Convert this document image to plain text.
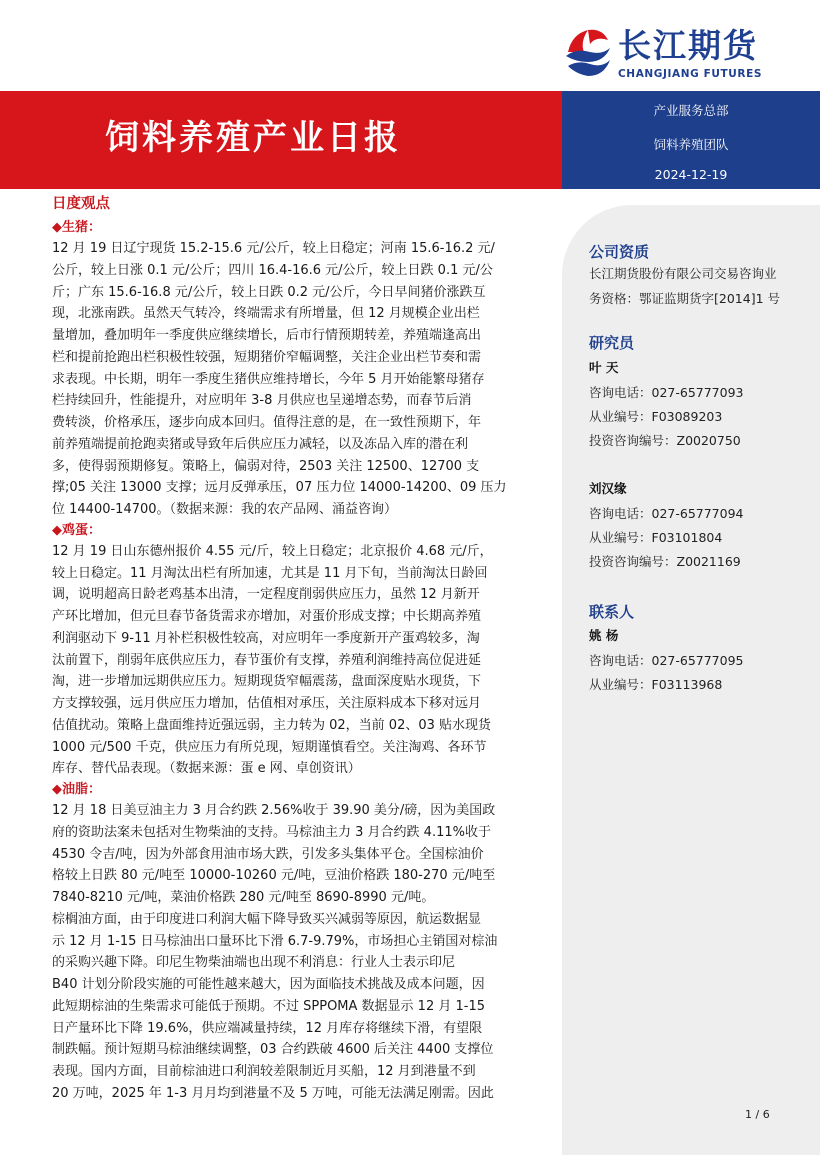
长江期货
CHANGJIANG FUTURES
饲料养殖产业日报
产业服务总部
饲料养殖团队
2024-12-19
公司资质
长江期货股份有限公司交易咨询业
务资格：鄂证监期货字[2014]1 号
研究员
叶 天
咨询电话：027-65777093
从业编号：F03089203
投资咨询编号：Z0020750
刘汉缘
咨询电话：027-65777094
从业编号：F03101804
投资咨询编号：Z0021169
联系人
姚 杨
咨询电话：027-65777095
从业编号：F03113968
日度观点
◆生猪：
12 月 19 日辽宁现货 15.2-15.6 元/公斤，较上日稳定；河南 15.6-16.2 元/
公斤，较上日涨 0.1 元/公斤；四川 16.4-16.6 元/公斤，较上日跌 0.1 元/公
斤；广东 15.6-16.8 元/公斤，较上日跌 0.2 元/公斤，今日早间猪价涨跌互
现，北涨南跌。虽然天气转冷，终端需求有所增量，但 12 月规模企业出栏
量增加，叠加明年一季度供应继续增长，后市行情预期转差，养殖端逢高出
栏和提前抢跑出栏积极性较强，短期猪价窄幅调整，关注企业出栏节奏和需
求表现。中长期，明年一季度生猪供应维持增长，今年 5 月开始能繁母猪存
栏持续回升，性能提升，对应明年 3-8 月供应也呈递增态势，而春节后消
费转淡，价格承压，逐步向成本回归。值得注意的是，在一致性预期下，年
前养殖端提前抢跑卖猪或导致年后供应压力减轻，以及冻品入库的潜在利
多，使得弱预期修复。策略上，偏弱对待，2503 关注 12500、12700 支
撑;05 关注 13000 支撑；远月反弹承压，07 压力位 14000-14200、09 压力
位 14400-14700。（数据来源：我的农产品网、涌益咨询）
◆鸡蛋：
12 月 19 日山东德州报价 4.55 元/斤，较上日稳定；北京报价 4.68 元/斤，
较上日稳定。11 月淘汰出栏有所加速，尤其是 11 月下旬，当前淘汰日龄回
调，说明超高日龄老鸡基本出清，一定程度削弱供应压力，虽然 12 月新开
产环比增加，但元旦春节备货需求亦增加，对蛋价形成支撑；中长期高养殖
利润驱动下 9-11 月补栏积极性较高，对应明年一季度新开产蛋鸡较多，淘
汰前置下，削弱年底供应压力，春节蛋价有支撑，养殖利润维持高位促进延
淘，进一步增加远期供应压力。短期现货窄幅震荡，盘面深度贴水现货，下
方支撑较强，远月供应压力增加，估值相对承压，关注原料成本下移对远月
估值扰动。策略上盘面维持近强远弱，主力转为 02，当前 02、03 贴水现货
1000 元/500 千克，供应压力有所兑现，短期谨慎看空。关注淘鸡、各环节
库存、替代品表现。（数据来源：蛋 e 网、卓创资讯）
◆油脂：
12 月 18 日美豆油主力 3 月合约跌 2.56%收于 39.90 美分/磅，因为美国政
府的资助法案未包括对生物柴油的支持。马棕油主力 3 月合约跌 4.11%收于
4530 令吉/吨，因为外部食用油市场大跌，引发多头集体平仓。全国棕油价
格较上日跌 80 元/吨至 10000-10260 元/吨，豆油价格跌 180-270 元/吨至
7840-8210 元/吨，菜油价格跌 280 元/吨至 8690-8990 元/吨。
棕榈油方面，由于印度进口利润大幅下降导致买兴减弱等原因，航运数据显
示 12 月 1-15 日马棕油出口量环比下滑 6.7-9.79%，市场担心主销国对棕油
的采购兴趣下降。印尼生物柴油端也出现不利消息：行业人士表示印尼
B40 计划分阶段实施的可能性越来越大，因为面临技术挑战及成本问题，因
此短期棕油的生柴需求可能低于预期。不过 SPPOMA 数据显示 12 月 1-15
日产量环比下降 19.6%，供应端减量持续，12 月库存将继续下滑，有望限
制跌幅。预计短期马棕油继续调整，03 合约跌破 4600 后关注 4400 支撑位
表现。国内方面，目前棕油进口利润较差限制近月买船，12 月到港量不到
20 万吨，2025 年 1-3 月月均到港量不及 5 万吨，可能无法满足刚需。因此
1 / 6
